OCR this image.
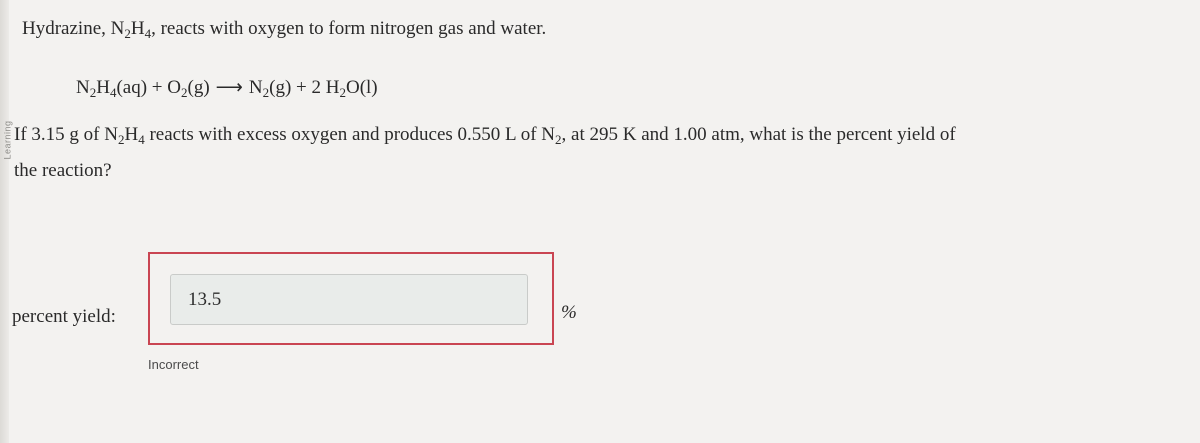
Learning
Hydrazine, $N_2H_4$, reacts with oxygen to form nitrogen gas and water.
$N_2H_4(aq) + O_2(g)$ ⟶ $N_2(g) + 2$ $H_2O(l)$
If 3.15 g of $N_2H_4$ reacts with excess oxygen and produces 0.550 L of $N_2$, at 295 K and 1.00 atm, what is the percent yield of
the reaction?
percent yield:
13.5
%
Incorrect
